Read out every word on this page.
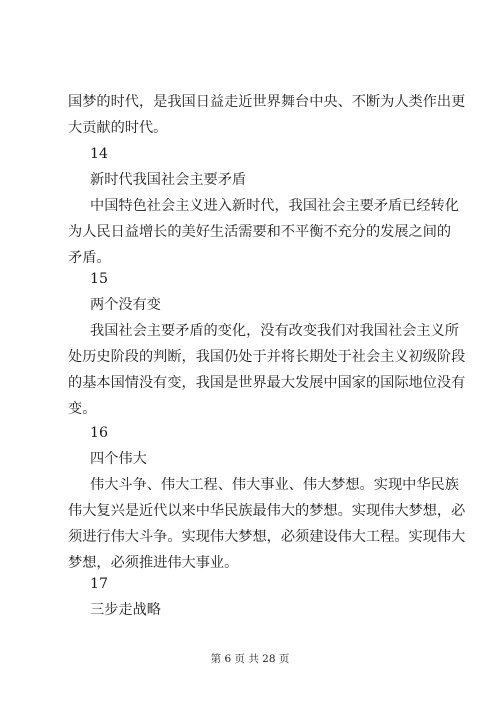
国梦的时代，是我国日益走近世界舞台中央、不断为人类作出更
大贡献的时代。
14
新时代我国社会主要矛盾
中国特色社会主义进入新时代，我国社会主要矛盾已经转化
为人民日益增长的美好生活需要和不平衡不充分的发展之间的
矛盾。
15
两个没有变
我国社会主要矛盾的变化，没有改变我们对我国社会主义所
处历史阶段的判断，我国仍处于并将长期处于社会主义初级阶段
的基本国情没有变，我国是世界最大发展中国家的国际地位没有
变。
16
四个伟大
伟大斗争、伟大工程、伟大事业、伟大梦想。实现中华民族
伟大复兴是近代以来中华民族最伟大的梦想。实现伟大梦想，必
须进行伟大斗争。实现伟大梦想，必须建设伟大工程。实现伟大
梦想，必须推进伟大事业。
17
三步走战略
第 6 页 共 28 页
